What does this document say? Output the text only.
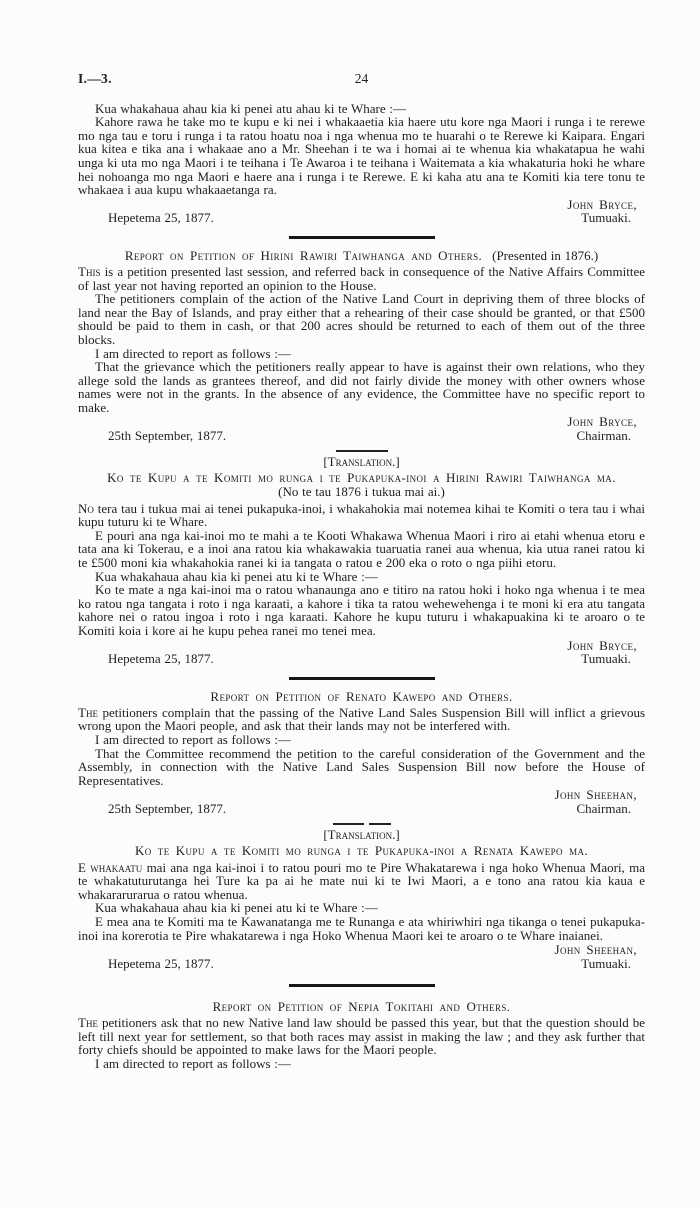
I.—3.	24

Kua whakahaua ahau kia ki penei atu ahau ki te Whare :—

Kahore rawa he take mo te kupu e ki nei i whakaaetia kia haere utu kore nga Maori i runga i te rerewe mo nga tau e toru i runga i ta ratou hoatu noa i nga whenua mo te huarahi o te Rerewe ki Kaipara. Engari kua kitea e tika ana i whakaae ano a Mr. Sheehan i te wa i homai ai te whenua kia whakatapua he wahi unga ki uta mo nga Maori i te teihana i Te Awaroa i te teihana i Waitemata a kia whakaturia hoki he whare hei nohoanga mo nga Maori e haere ana i runga i te Rerewe. E ki kaha atu ana te Komiti kia tere tonu te whakaea i aua kupu whakaaetanga ra.

John Bryce,
Hepetema 25, 1877.	Tumuaki.
Report on Petition of Hirini Rawiri Taiwhanga and Others. (Presented in 1876.)

This is a petition presented last session, and referred back in consequence of the Native Affairs Committee of last year not having reported an opinion to the House.

The petitioners complain of the action of the Native Land Court in depriving them of three blocks of land near the Bay of Islands, and pray either that a rehearing of their case should be granted, or that £500 should be paid to them in cash, or that 200 acres should be returned to each of them out of the three blocks.

I am directed to report as follows :—

That the grievance which the petitioners really appear to have is against their own relations, who they allege sold the lands as grantees thereof, and did not fairly divide the money with other owners whose names were not in the grants. In the absence of any evidence, the Committee have no specific report to make.

John Bryce,
25th September, 1877.	Chairman.
[Translation.]
Ko te Kupu a te Komiti mo runga i te Pukapuka-inoi a Hirini Rawiri Taiwhanga ma.
(No te tau 1876 i tukua mai ai.)

No tera tau i tukua mai ai tenei pukapuka-inoi, i whakahokia mai notemea kihai te Komiti o tera tau i whai kupu tuturu ki te Whare.

E pouri ana nga kai-inoi mo te mahi a te Kooti Whakawa Whenua Maori i riro ai etahi whenua etoru e tata ana ki Tokerau, e a inoi ana ratou kia whakawakia tuaruatia ranei aua whenua, kia utua ranei ratou ki te £500 moni kia whakahokia ranei ki ia tangata o ratou e 200 eka o roto o nga piihi etoru.

Kua whakahaua ahau kia ki penei atu ki te Whare :—

Ko te mate a nga kai-inoi ma o ratou whanaunga ano e titiro na ratou hoki i hoko nga whenua i te mea ko ratou nga tangata i roto i nga karaati, a kahore i tika ta ratou wehewehenga i te moni ki era atu tangata kahore nei o ratou ingoa i roto i nga karaati. Kahore he kupu tuturu i whakapuakina ki te aroaro o te Komiti koia i kore ai he kupu pehea ranei mo tenei mea.

John Bryce,
Hepetema 25, 1877.	Tumuaki.
Report on Petition of Renato Kawepo and Others.

The petitioners complain that the passing of the Native Land Sales Suspension Bill will inflict a grievous wrong upon the Maori people, and ask that their lands may not be interfered with.

I am directed to report as follows :—

That the Committee recommend the petition to the careful consideration of the Government and the Assembly, in connection with the Native Land Sales Suspension Bill now before the House of Representatives.

John Sheehan,
25th September, 1877.	Chairman.
[Translation.]
Ko te Kupu a te Komiti mo runga i te Pukapuka-inoi a Renata Kawepo ma.

E whakaatu mai ana nga kai-inoi i to ratou pouri mo te Pire Whakatarewa i nga hoko Whenua Maori, ma te whakatuturutanga hei Ture ka pa ai he mate nui ki te Iwi Maori, a e tono ana ratou kia kaua e whakararurarua o ratou whenua.

Kua whakahaua ahau kia ki penei atu ki te Whare :—

E mea ana te Komiti ma te Kawanatanga me te Runanga e ata whiriwhiri nga tikanga o tenei pukapuka-inoi ina korerotia te Pire whakatarewa i nga Hoko Whenua Maori kei te aroaro o te Whare inaianei.

John Sheehan,
Hepetema 25, 1877.	Tumuaki.
Report on Petition of Nepia Tokitahi and Others.

The petitioners ask that no new Native land law should be passed this year, but that the question should be left till next year for settlement, so that both races may assist in making the law ; and they ask further that forty chiefs should be appointed to make laws for the Maori people.

I am directed to report as follows :—
